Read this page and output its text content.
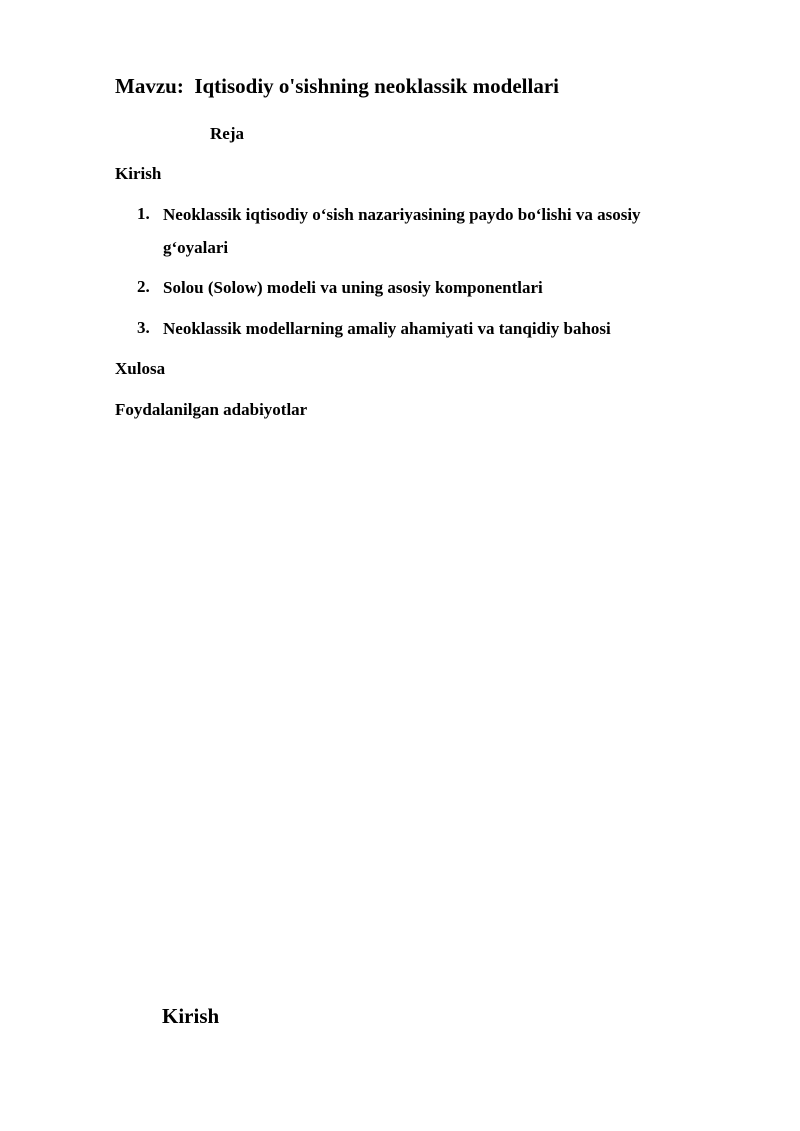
Mavzu:  Iqtisodiy o'sishning neoklassik modellari
Reja

Kirish

1. Neoklassik iqtisodiy o‘sish nazariyasining paydo bo‘lishi va asosiy
g‘oyalari
2. Solou (Solow) modeli va uning asosiy komponentlari
3. Neoklassik modellarning amaliy ahamiyati va tanqidiy bahosi

Xulosa

Foydalanilgan adabiyotlar

Kirish
